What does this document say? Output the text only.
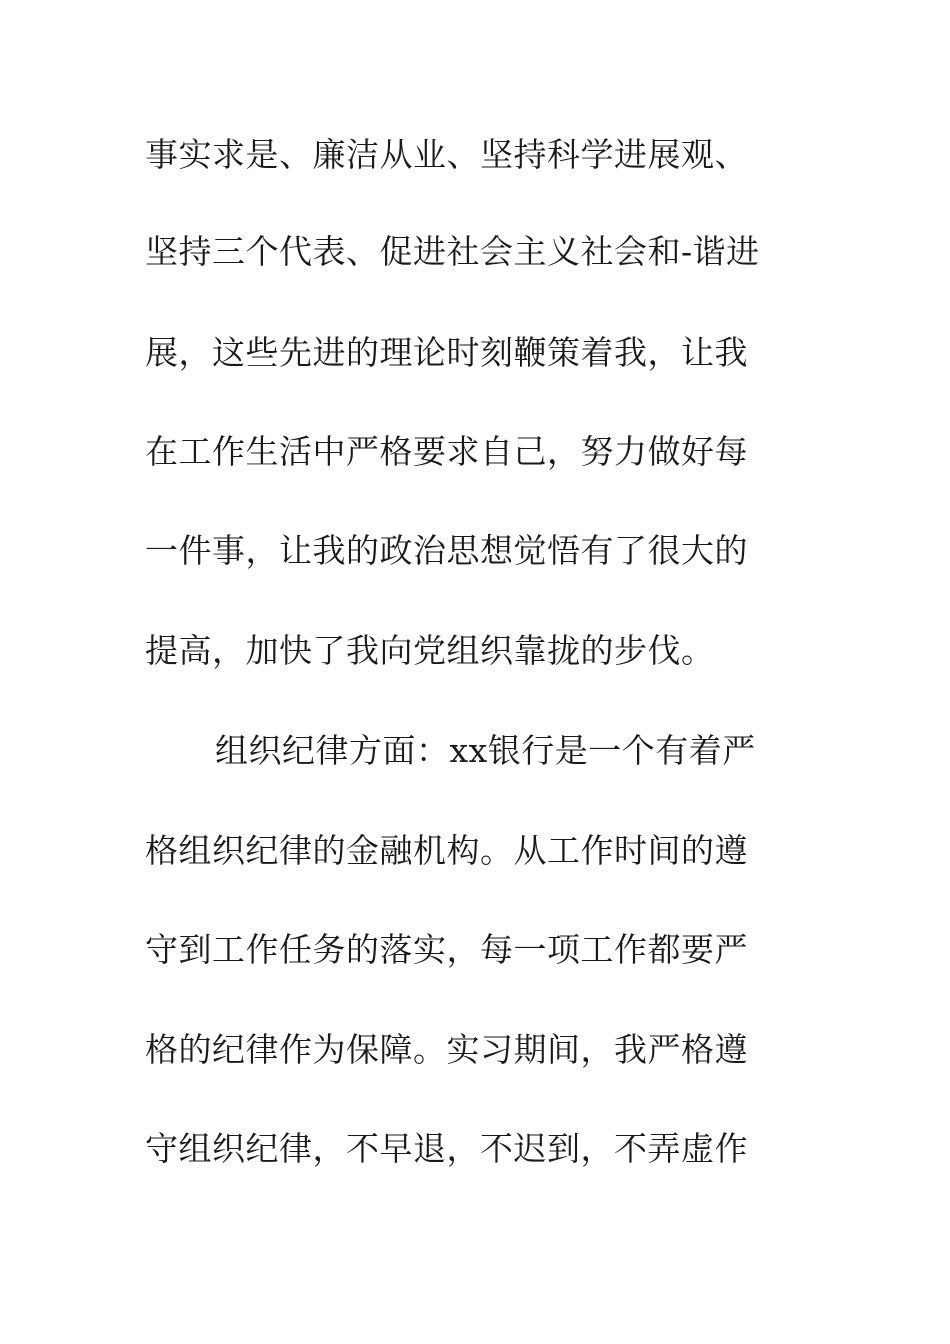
事实求是、廉洁从业、坚持科学进展观、

坚持三个代表、促进社会主义社会和-谐进

展，这些先进的理论时刻鞭策着我，让我

在工作生活中严格要求自己，努力做好每

一件事，让我的政治思想觉悟有了很大的

提高，加快了我向党组织靠拢的步伐。

组织纪律方面：xx银行是一个有着严

格组织纪律的金融机构。从工作时间的遵

守到工作任务的落实，每一项工作都要严

格的纪律作为保障。实习期间，我严格遵

守组织纪律，不早退，不迟到，不弄虚作
